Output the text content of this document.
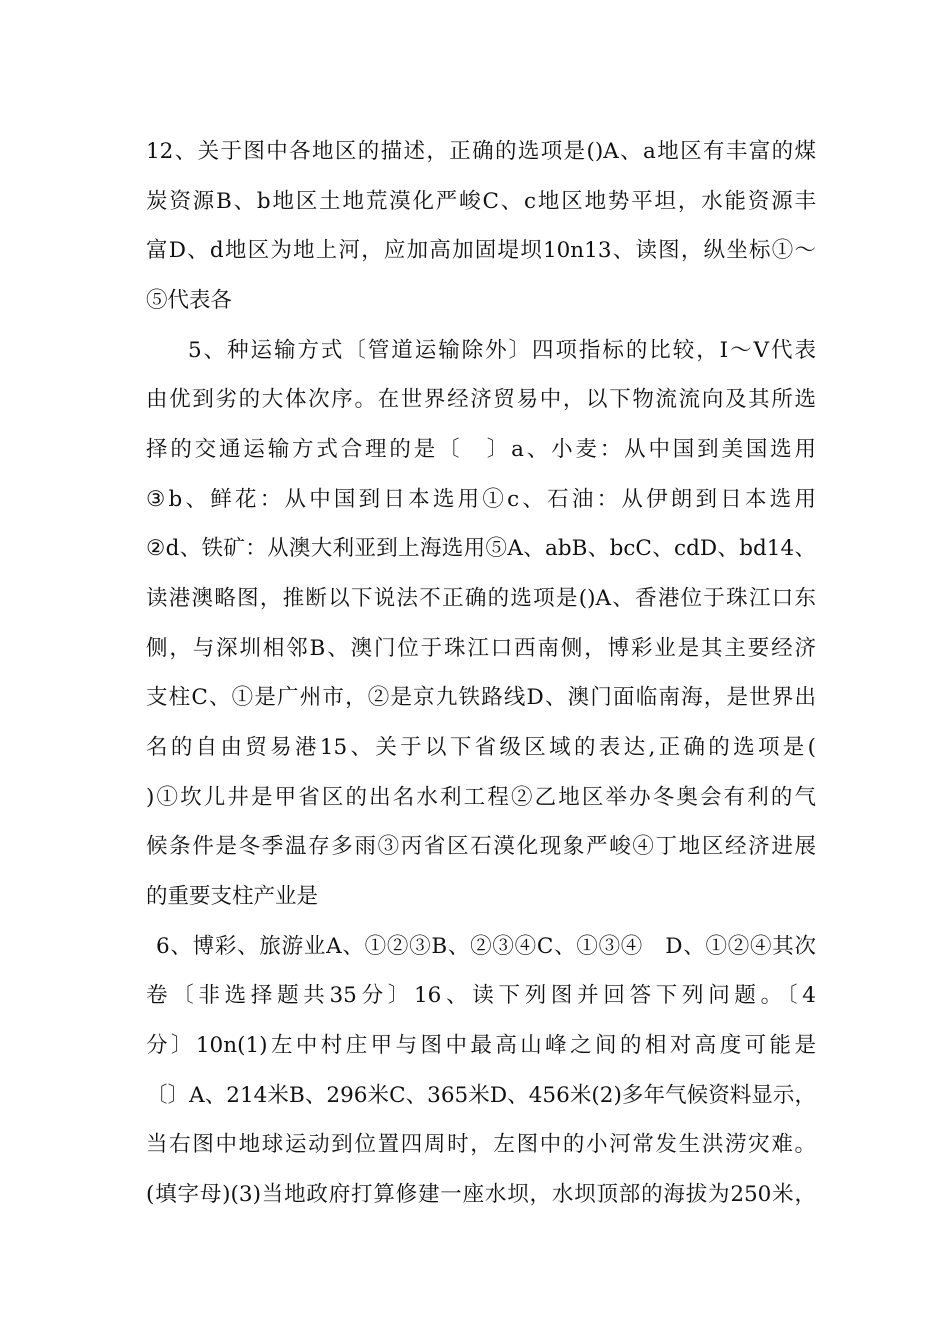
12、关于图中各地区的描述，正确的选项是()A、a地区有丰富的煤
炭资源B、b地区土地荒漠化严峻C、c地区地势平坦，水能资源丰
富D、d地区为地上河，应加高加固堤坝10n13、读图，纵坐标①～
⑤代表各
5、种运输方式〔管道运输除外〕四项指标的比较，Ⅰ～Ⅴ代表
由优到劣的大体次序。在世界经济贸易中，以下物流流向及其所选
择的交通运输方式合理的是〔　〕a、小麦：从中国到美国选用
③b、鲜花：从中国到日本选用①c、石油：从伊朗到日本选用
②d、铁矿：从澳大利亚到上海选用⑤A、abB、bcC、cdD、bd14、
读港澳略图，推断以下说法不正确的选项是()A、香港位于珠江口东
侧，与深圳相邻B、澳门位于珠江口西南侧，博彩业是其主要经济
支柱C、①是广州市，②是京九铁路线D、澳门面临南海，是世界出
名的自由贸易港15、关于以下省级区域的表达,正确的选项是(
)①坎儿井是甲省区的出名水利工程②乙地区举办冬奥会有利的气
候条件是冬季温存多雨③丙省区石漠化现象严峻④丁地区经济进展
的重要支柱产业是
6、博彩、旅游业A、①②③B、②③④C、①③④　D、①②④其次
卷〔非选择题共35分〕16、读下列图并回答下列问题。〔4
分〕10n(1)左中村庄甲与图中最高山峰之间的相对高度可能是
〔〕A、214米B、296米C、365米D、456米(2)多年气候资料显示，
当右图中地球运动到位置四周时，左图中的小河常发生洪涝灾难。
(填字母)(3)当地政府打算修建一座水坝，水坝顶部的海拔为250米，
